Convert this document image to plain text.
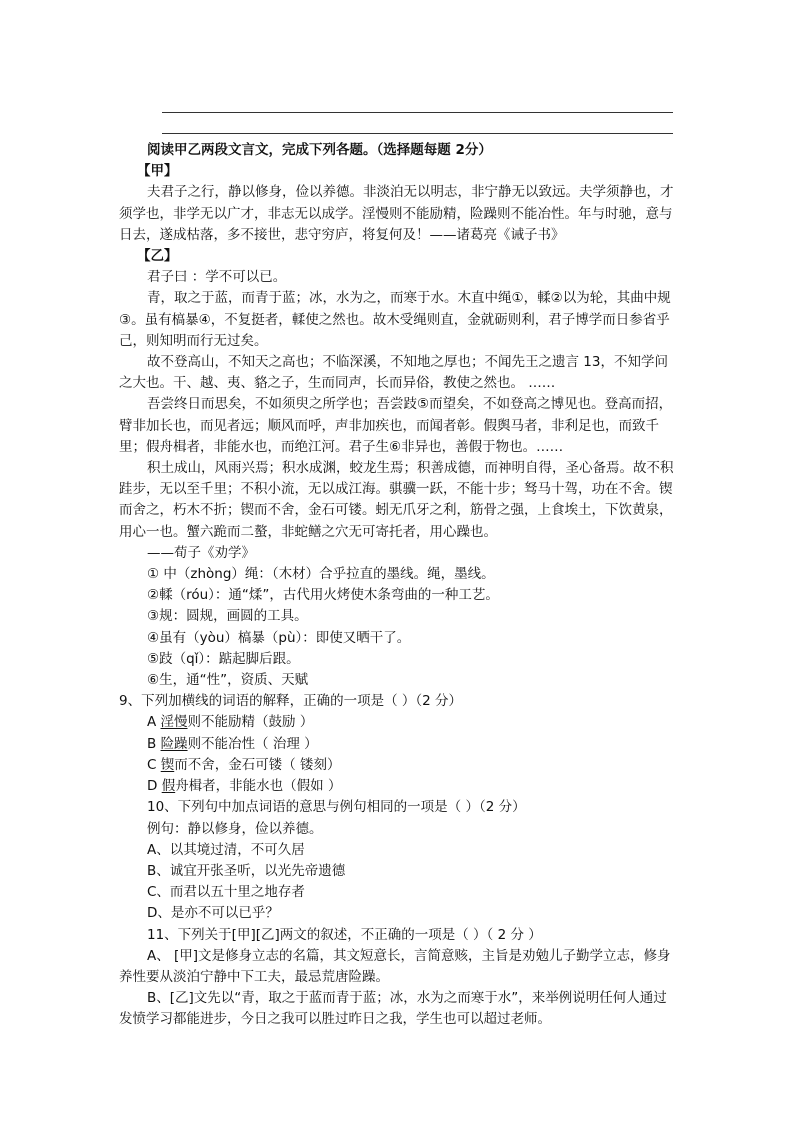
阅读甲乙两段文言文，完成下列各题。（选择题每题 2分）

【甲】

夫君子之行，静以修身，俭以养德。非淡泊无以明志，非宁静无以致远。夫学须静也，才须学也，非学无以广才，非志无以成学。淫慢则不能励精，险躁则不能冶性。年与时驰，意与日去，遂成枯落，多不接世，悲守穷庐，将复何及！——诸葛亮《诫子书》

【乙】

君子曰 ：学不可以已。

青，取之于蓝，而青于蓝；冰，水为之，而寒于水。木直中绳①，輮②以为轮，其曲中规③。虽有槁暴④，不复挺者，輮使之然也。故木受绳则直，金就砺则利，君子博学而日参省乎己，则知明而行无过矣。

故不登高山，不知天之高也；不临深溪，不知地之厚也；不闻先王之遗言 13，不知学问之大也。干、越、夷、貉之子，生而同声，长而异俗，教使之然也。 ……

吾尝终日而思矣，不如须臾之所学也；吾尝跂⑤而望矣，不如登高之博见也。登高而招，臂非加长也，而见者远；顺风而呼，声非加疾也，而闻者彰。假舆马者，非利足也，而致千里；假舟楫者，非能水也，而绝江河。君子生⑥非异也，善假于物也。……

积土成山，风雨兴焉；积水成渊，蛟龙生焉；积善成德，而神明自得，圣心备焉。故不积跬步，无以至千里；不积小流，无以成江海。骐骥一跃，不能十步；驽马十驾，功在不舍。锲而舍之，朽木不折；锲而不舍，金石可镂。蚓无爪牙之利，筋骨之强，上食埃土，下饮黄泉，用心一也。蟹六跪而二螯，非蛇鳝之穴无可寄托者，用心躁也。

——荀子《劝学》

① 中（zhòng）绳：（木材）合乎拉直的墨线。绳，墨线。

②輮（róu）：通“煣”，古代用火烤使木条弯曲的一种工艺。

③规：圆规，画圆的工具。

④虽有（yòu）槁暴（pù）：即使又晒干了。

⑤跂（qǐ）：踮起脚后跟。

⑥生，通“性”，资质、天赋

9、下列加横线的词语的解释，正确的一项是（ ）（2 分）

A 淫慢则不能励精（鼓励 ）

B 险躁则不能冶性（ 治理 ）

C 锲而不舍，金石可镂（ 镂刻）

D 假舟楫者，非能水也（假如 ）

10、下列句中加点词语的意思与例句相同的一项是（ ）（2 分）

例句：静以修身，俭以养德。

A、以其境过清，不可久居

B、诚宜开张圣听，以光先帝遗德

C、而君以五十里之地存者

D、是亦不可以已乎？

11、下列关于[甲][乙]两文的叙述，不正确的一项是（ ）（ 2 分 ）

A、 [甲]文是修身立志的名篇，其文短意长，言简意赅，主旨是劝勉儿子勤学立志，修身养性要从淡泊宁静中下工夫，最忌荒唐险躁。

B、[乙]文先以“青，取之于蓝而青于蓝；冰，水为之而寒于水”，来举例说明任何人通过发愤学习都能进步，今日之我可以胜过昨日之我，学生也可以超过老师。
